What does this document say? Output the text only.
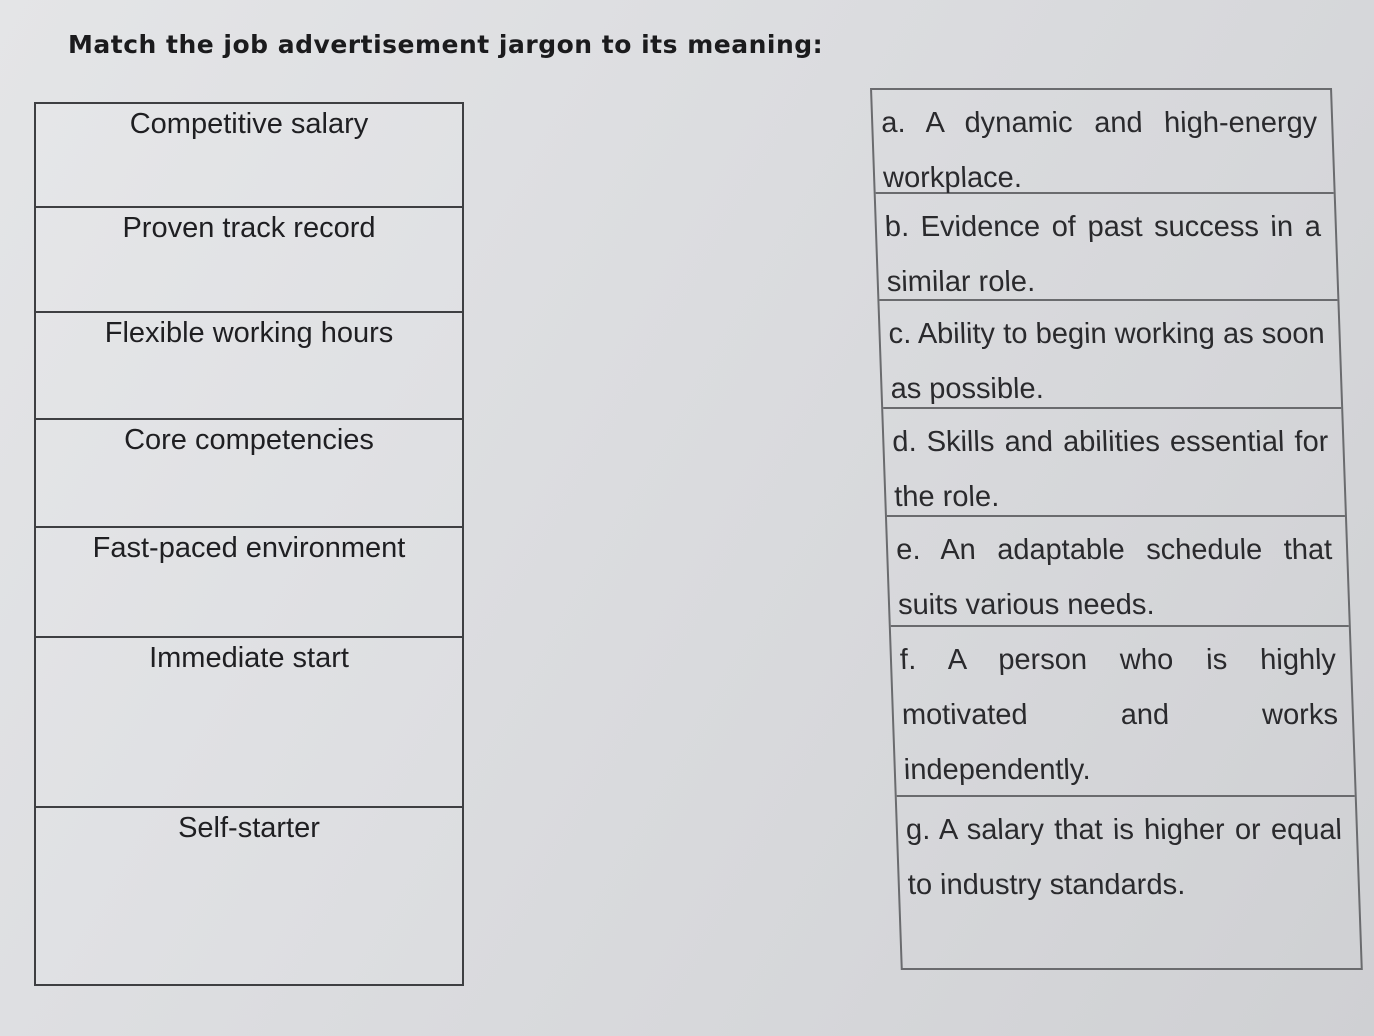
Match the job advertisement jargon to its meaning:
Competitive salary
Proven track record
Flexible working hours
Core competencies
Fast-paced environment
Immediate start
Self-starter
a. A dynamic and high-energy workplace.
b. Evidence of past success in a similar role.
c. Ability to begin working as soon as possible.
d. Skills and abilities essential for the role.
e. An adaptable schedule that suits various needs.
f. A person who is highly motivated and works independently.
g. A salary that is higher or equal to industry standards.
